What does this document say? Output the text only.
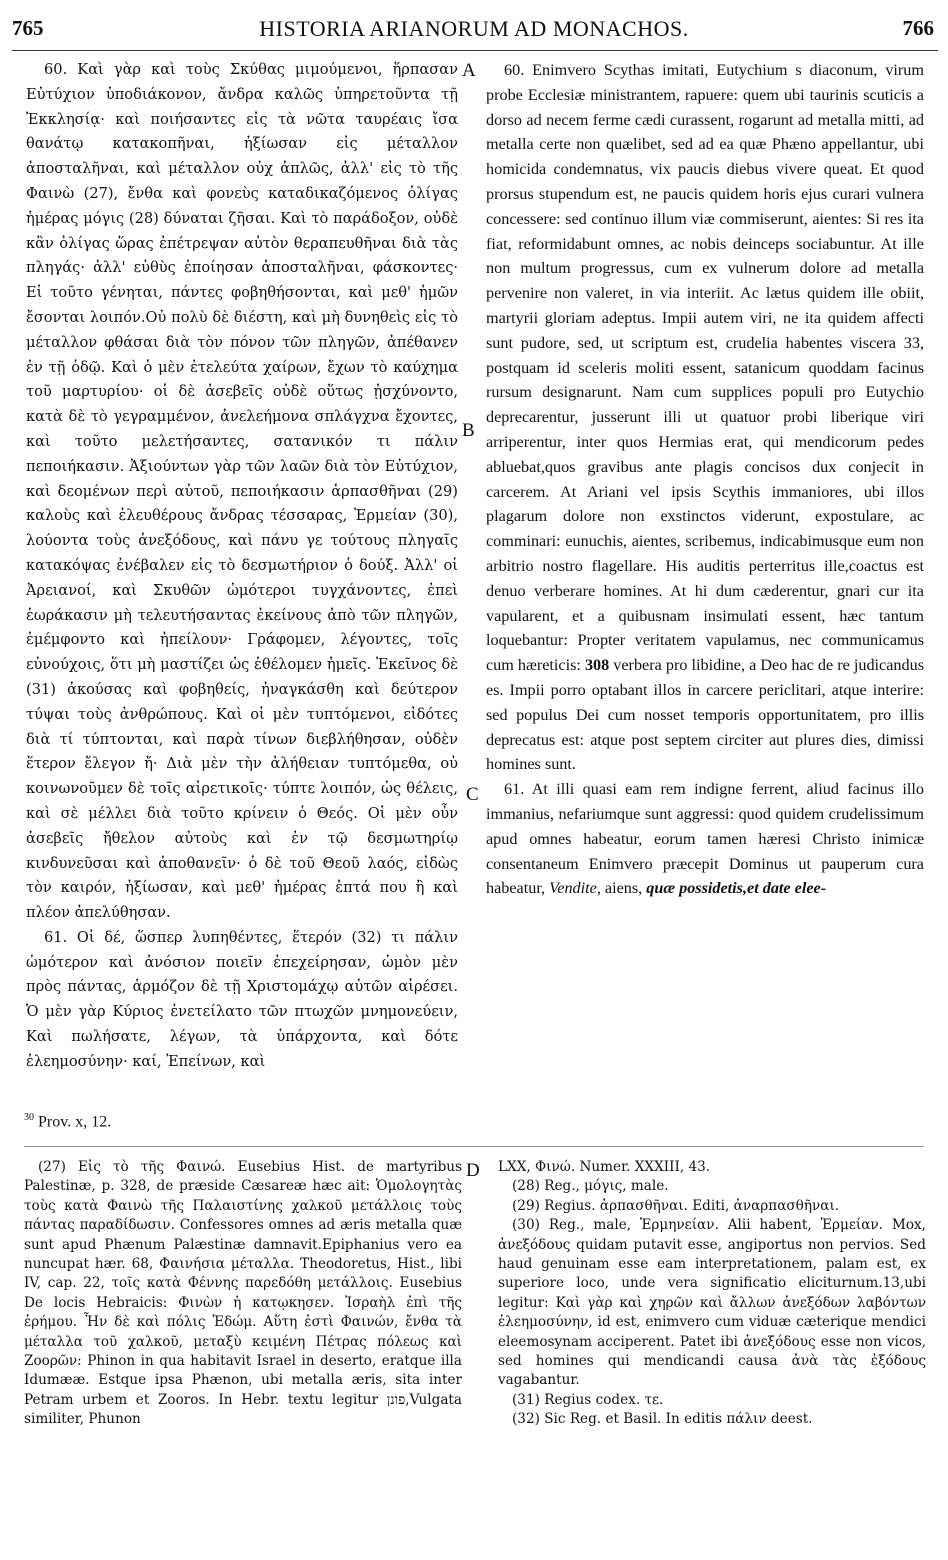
765	HISTORIA ARIANORUM AD MONACHOS.	766

60. Καὶ γὰρ καὶ τοὺς Σκύθας μιμούμενοι, ἥρπασαν Εὐτύχιον ὑποδιάκονον, ἄνδρα καλῶς ὑπηρετοῦντα τῇ Ἐκκλησίᾳ· καὶ ποιήσαντες εἰς τὰ νῶτα ταυρέαις ἴσα θανάτῳ κατακοπῆναι, ἠξίωσαν εἰς μέταλλον ἀποσταλῆναι, καὶ μέταλλον οὐχ ἁπλῶς, ἀλλ' εἰς τὸ τῆς Φαινὼ (27), ἔνθα καὶ φονεὺς καταδικαζόμενος ὀλίγας ἡμέρας μόγις (28) δύναται ζῆσαι. Καὶ τὸ παράδοξον, οὐδὲ κἂν ὀλίγας ὥρας ἐπέτρεψαν αὐτὸν θεραπευθῆναι διὰ τὰς πληγάς· ἀλλ' εὐθὺς ἐποίησαν ἀποσταλῆναι, φάσκοντες· Εἰ τοῦτο γένηται, πάντες φοβηθήσονται, καὶ μεθ' ἡμῶν ἔσονται λοιπόν.Οὐ πολὺ δὲ διέστη, καὶ μὴ δυνηθεὶς εἰς τὸ μέταλλον φθάσαι διὰ τὸν πόνον τῶν πληγῶν, ἀπέθανεν ἐν τῇ ὁδῷ. Καὶ ὁ μὲν ἐτελεύτα χαίρων, ἔχων τὸ καύχημα τοῦ μαρτυρίου· οἱ δὲ ἀσεβεῖς οὐδὲ οὕτως ᾐσχύνοντο, κατὰ δὲ τὸ γεγραμμένον, ἀνελεήμονα σπλάγχνα ἔχοντες, καὶ τοῦτο μελετήσαντες, σατανικόν τι πάλιν πεποιήκασιν. Ἀξιούντων γὰρ τῶν λαῶν διὰ τὸν Εὐτύχιον, καὶ δεομένων περὶ αὐτοῦ, πεποιήκασιν ἁρπασθῆναι (29) καλοὺς καὶ ἐλευθέρους ἄνδρας τέσσαρας, Ἑρμείαν (30), λούοντα τοὺς ἀνεξόδους, καὶ πάνυ γε τούτους πληγαῖς κατακόψας ἐνέβαλεν εἰς τὸ δεσμωτήριον ὁ δούξ. Ἀλλ' οἱ Ἀρειανοί, καὶ Σκυθῶν ὠμότεροι τυγχάνοντες, ἐπεὶ ἑωράκασιν μὴ τελευτήσαντας ἐκείνους ἀπὸ τῶν πληγῶν, ἐμέμφοντο καὶ ἠπείλουν· Γράφομεν, λέγοντες, τοῖς εὐνούχοις, ὅτι μὴ μαστίζει ὡς ἐθέλομεν ἡμεῖς. Ἐκεῖνος δὲ (31) ἀκούσας καὶ φοβηθείς, ἠναγκάσθη καὶ δεύτερον τύψαι τοὺς ἀνθρώπους. Καὶ οἱ μὲν τυπτόμενοι, εἰδότες διὰ τί τύπτονται, καὶ παρὰ τίνων διεβλήθησαν, οὐδὲν ἕτερον ἔλεγον ἤ· Διὰ μὲν τὴν ἀλήθειαν τυπτόμεθα, οὐ κοινωνοῦμεν δὲ τοῖς αἱρετικοῖς· τύπτε λοιπόν, ὡς θέλεις, καὶ σὲ μέλλει διὰ τοῦτο κρίνειν ὁ Θεός. Οἱ μὲν οὖν ἀσεβεῖς ἤθελον αὐτοὺς καὶ ἐν τῷ δεσμωτηρίῳ κινδυνεῦσαι καὶ ἀποθανεῖν· ὁ δὲ τοῦ Θεοῦ λαός, εἰδὼς τὸν καιρόν, ἠξίωσαν, καὶ μεθ' ἡμέρας ἑπτά που ἢ καὶ πλέον ἀπελύθησαν.

61. Οἱ δέ, ὥσπερ λυπηθέντες, ἕτερόν (32) τι πάλιν ὠμότερον καὶ ἀνόσιον ποιεῖν ἐπεχείρησαν, ὠμὸν μὲν πρὸς πάντας, ἁρμόζον δὲ τῇ Χριστομάχῳ αὐτῶν αἱρέσει. Ὁ μὲν γὰρ Κύριος ἐνετείλατο τῶν πτωχῶν μνημονεύειν, Καὶ πωλήσατε, λέγων, τὰ ὑπάρχοντα, καὶ δότε ἐλεημοσύνην· καί, Ἐπείνων, καὶ

A
B
C
D

60. Enimvero Scythas imitati, Eutychium s diaconum, virum probe Ecclesiæ ministrantem, rapuere: quem ubi taurinis scuticis a dorso ad necem ferme cædi curassent, rogarunt ad metalla mitti, ad metalla certe non quælibet, sed ad ea quæ Phæno appellantur, ubi homicida condemnatus, vix paucis diebus vivere queat. Et quod prorsus stupendum est, ne paucis quidem horis ejus curari vulnera concessere: sed continuo illum viæ commiserunt, aientes: Si res ita fiat, reformidabunt omnes, ac nobis deinceps sociabuntur. At ille non multum progressus, cum ex vulnerum dolore ad metalla pervenire non valeret, in via interiit. Ac lætus quidem ille obiit, martyrii gloriam adeptus. Impii autem viri, ne ita quidem affecti sunt pudore, sed, ut scriptum est, crudelia habentes viscera 33, postquam id sceleris moliti essent, satanicum quoddam facinus rursum designarunt. Nam cum supplices populi pro Eutychio deprecarentur, jusserunt illi ut quatuor probi liberique viri arriperentur, inter quos Hermias erat, qui mendicorum pedes abluebat,quos gravibus ante plagis concisos dux conjecit in carcerem. At Ariani vel ipsis Scythis immaniores, ubi illos plagarum dolore non exstinctos viderunt, expostulare, ac comminari: eunuchis, aientes, scribemus, indicabimusque eum non arbitrio nostro flagellare. His auditis perterritus ille,coactus est denuo verberare homines. At hi dum cæderentur, gnari cur ita vapularent, et a quibusnam insimulati essent, hæc tantum loquebantur: Propter veritatem vapulamus, nec communicamus cum hæreticis: 308 verbera pro libidine, a Deo hac de re judicandus es. Impii porro optabant illos in carcere periclitari, atque interire: sed populus Dei cum nosset temporis opportunitatem, pro illis deprecatus est: atque post septem circiter aut plures dies, dimissi homines sunt.

61. At illi quasi eam rem indigne ferrent, aliud facinus illo immanius, nefariumque sunt aggressi: quod quidem crudelissimum apud omnes habeatur, eorum tamen hæresi Christo inimicæ consentaneum Enimvero præcepit Dominus ut pauperum cura habeatur, Vendite, aiens, quæ possidetis,et date elee-

$^{30}$ Prov. x, 12.

(27) Εἰς τὸ τῆς Φαινώ. Eusebius Hist. de martyribus Palestinæ, p. 328, de præside Cæsareæ hæc ait: Ὁμολογητὰς τοὺς κατὰ Φαινὼ τῆς Παλαιστίνης χαλκοῦ μετάλλοις τοὺς πάντας παραδίδωσιν. Confessores omnes ad æris metalla quæ sunt apud Phænum Palæstinæ damnavit.Epiphanius vero ea nuncupat hær. 68, Φαινήσια μέταλλα. Theodoretus, Hist., libi IV, cap. 22, τοῖς κατὰ Φέννης παρεδόθη μετάλλοις. Eusebius De locis Hebraicis: Φινὼν ἡ κατῳκησεν. Ἰσραὴλ ἐπὶ τῆς ἐρήμου. Ἦν δὲ καὶ πόλις Ἐδώμ. Αὕτη ἐστὶ Φαινών, ἔνθα τὰ μέταλλα τοῦ χαλκοῦ, μεταξὺ κειμένη Πέτρας πόλεως καὶ Ζοορῶν: Phinon in qua habitavit Israel in deserto, eratque illa Idumææ. Estque ipsa Phænon, ubi metalla æris, sita inter Petram urbem et Zooros. In Hebr. textu legitur פונן,Vulgata similiter, Phunon

LXX, Φινώ. Numer. XXXIII, 43.

(28) Reg., μόγις, male.

(29) Regius. ἀρπασθῆναι. Editi, ἀναρπασθῆναι.

(30) Reg., male, Ἑρμηνείαν. Alii habent, Ἑρμείαν. Mox, ἀνεξόδους quidam putavit esse, angiportus non pervios. Sed haud genuinam esse eam interpretationem, palam est, ex superiore loco, unde vera significatio eliciturnum.13,ubi legitur: Καὶ γὰρ καὶ χηρῶν καὶ ἄλλων ἀνεξόδων λαβόντων ἐλεημοσύνην, id est, enimvero cum viduæ cæterique mendici eleemosynam acciperent. Patet ibi ἀνεξόδους esse non vicos, sed homines qui mendicandi causa ἀνὰ τὰς ἐξόδους vagabantur.

(31) Regius codex. τε.

(32) Sic Reg. et Basil. In editis πάλιν deest.
